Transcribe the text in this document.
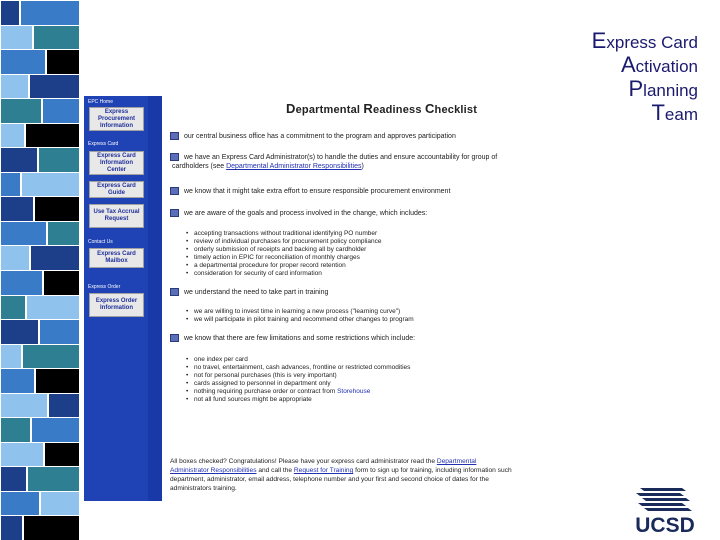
Express Card
Activation
Planning
Team
EPC Home
Express Procurement Information
Express Card
Express Card Information Center
Express Card Guide
Use Tax Accrual Request
Contact Us
Express Card Mailbox
Express Order
Express Order Information
Departmental Readiness Checklist
our central business office has a commitment to the program and approves participation
we have an Express Card Administrator(s) to handle the duties and ensure accountability for group of
cardholders (see Departmental Administrator Responsibilities)
we know that it might take extra effort to ensure responsible procurement environment
we are aware of the goals and process involved in the change, which includes:
• accepting transactions without traditional identifying PO number
• review of individual purchases for procurement policy compliance
• orderly submission of receipts and backing all by cardholder
• timely action in EPIC for reconciliation of monthly charges
• a departmental procedure for proper record retention
• consideration for security of card information
we understand the need to take part in training
• we are willing to invest time in learning a new process ("learning curve")
• we will participate in pilot training and recommend other changes to program
we know that there are few limitations and some restrictions which include:
• one index per card
• no travel, entertainment, cash advances, frontline or restricted commodities
• not for personal purchases (this is very important)
• cards assigned to personnel in department only
• nothing requiring purchase order or contract from Storehouse
• not all fund sources might be appropriate
All boxes checked? Congratulations! Please have your express card administrator read the Departmental
Administrator Responsibilities and call the Request for Training form to sign up for training, including information such
department, administrator, email address, telephone number and your first and second choice of dates for the
administrators training.
UCSD
